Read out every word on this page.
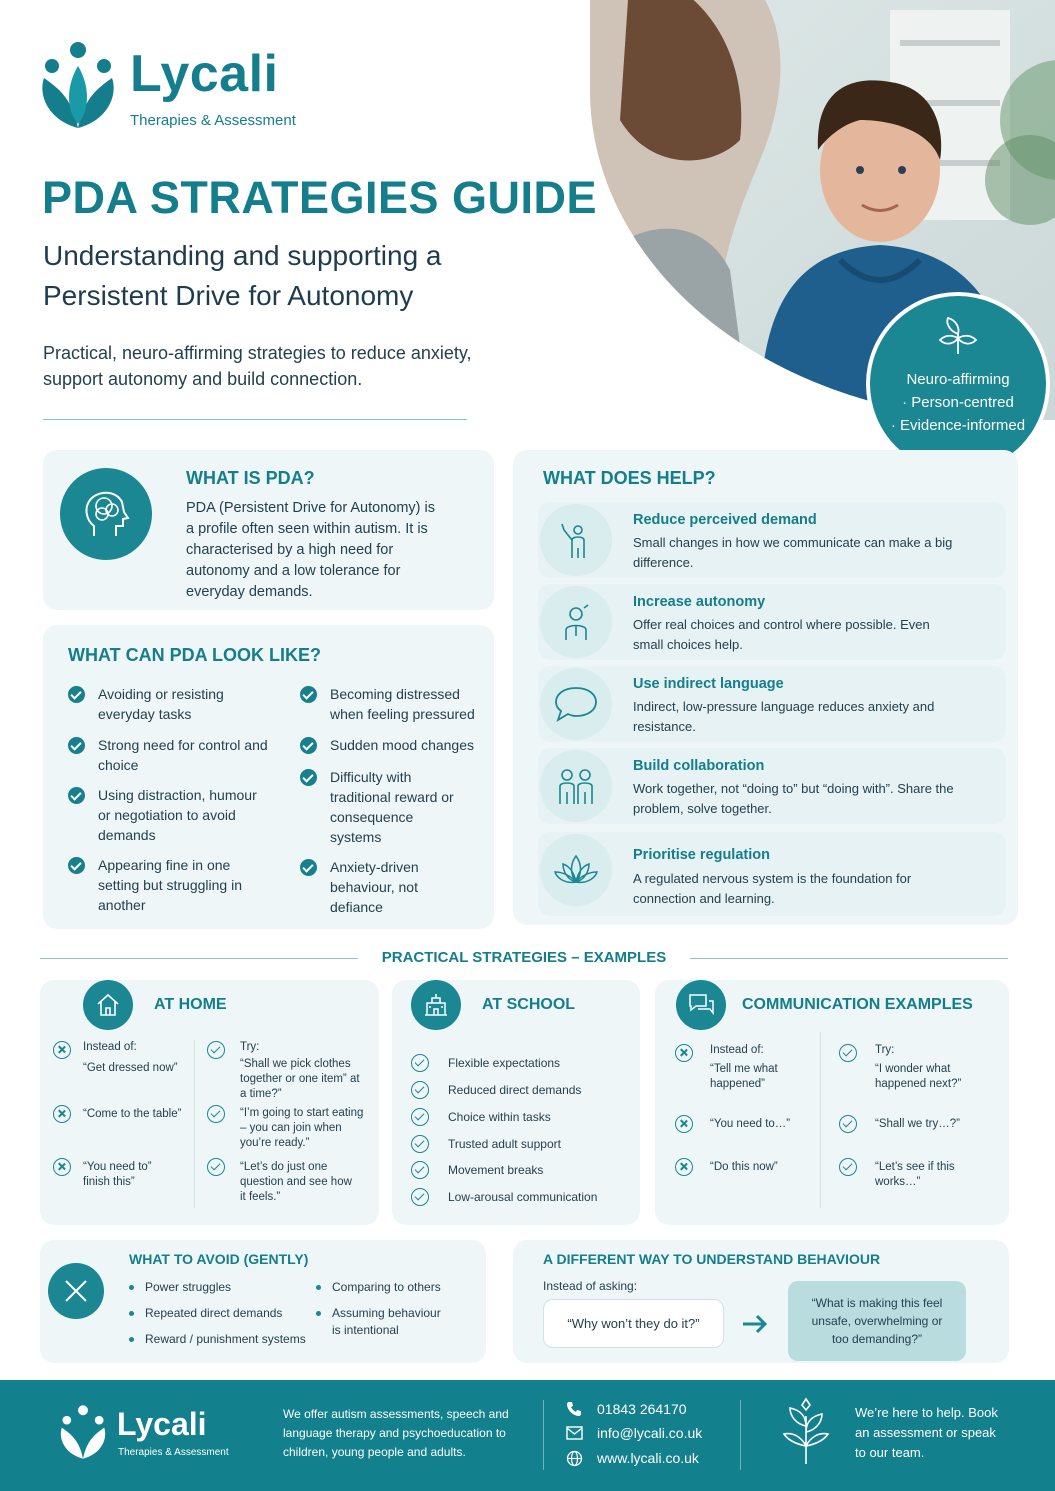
Lycali
Therapies & Assessment
PDA STRATEGIES GUIDE
Understanding and supporting a
Persistent Drive for Autonomy
Practical, neuro-affirming strategies to reduce anxiety, support autonomy and build connection.	Neuro-affirming
· Person-centred
· Evidence-informed
WHAT IS PDA?
PDA (Persistent Drive for Autonomy) is a profile often seen within autism. It is characterised by a high need for autonomy and a low tolerance for everyday demands.
WHAT CAN PDA LOOK LIKE?
Avoiding or resisting everyday tasks
Strong need for control and choice
Using distraction, humour or negotiation to avoid demands
Appearing fine in one setting but struggling in another
Becoming distressed when feeling pressured
Sudden mood changes
Difficulty with traditional reward or consequence systems
Anxiety-driven behaviour, not defiance
WHAT DOES HELP?
Reduce perceived demand
Small changes in how we communicate can make a big difference.
Increase autonomy
Offer real choices and control where possible. Even small choices help.
Use indirect language
Indirect, low-pressure language reduces anxiety and resistance.
Build collaboration
Work together, not “doing to” but “doing with”. Share the problem, solve together.
Prioritise regulation
A regulated nervous system is the foundation for connection and learning.
PRACTICAL STRATEGIES – EXAMPLES
AT HOME
Instead of:
“Get dressed now”
“Come to the table”
“You need to” finish this”
Try:
“Shall we pick clothes together or one item” at a time?”
“I’m going to start eating – you can join when you’re ready.”
“Let’s do just one question and see how it feels.”
AT SCHOOL
Flexible expectations
Reduced direct demands
Choice within tasks
Trusted adult support
Movement breaks
Low-arousal communication
COMMUNICATION EXAMPLES
Instead of:
“Tell me what happened”
“You need to…”
“Do this now”
Try:
“I wonder what happened next?”
“Shall we try…?”
“Let’s see if this works…”
WHAT TO AVOID (GENTLY)
Power struggles
Repeated direct demands
Reward / punishment systems
Comparing to others
Assuming behaviour is intentional
A DIFFERENT WAY TO UNDERSTAND BEHAVIOUR
Instead of asking:
“Why won’t they do it?”
“What is making this feel unsafe, overwhelming or too demanding?”
Lycali
Therapies & Assessment
We offer autism assessments, speech and language therapy and psychoeducation to children, young people and adults.
01843 264170
info@lycali.co.uk
www.lycali.co.uk
We’re here to help. Book an assessment or speak to our team.
